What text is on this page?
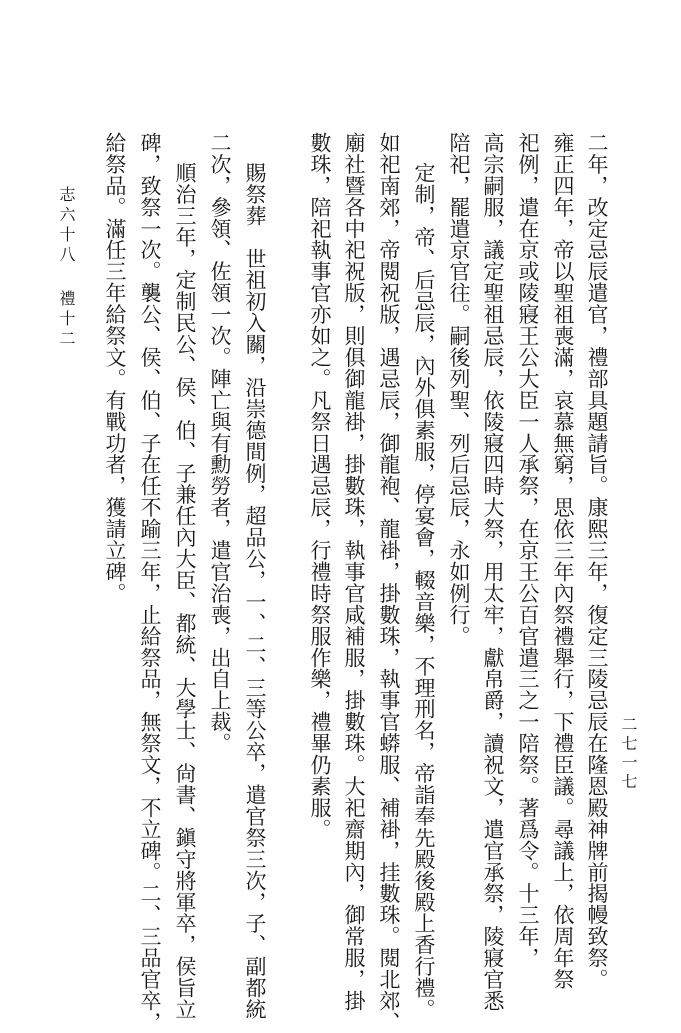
二年，改定忌辰遣官，禮部具題請旨。康熙三年，復定三陵忌辰在隆恩殿神牌前揭幔致祭。
雍正四年，帝以聖祖喪滿，哀慕無窮，思依三年內祭禮舉行，下禮臣議。尋議上，依周年祭
祀例，遣在京或陵寢王公大臣一人承祭，在京王公百官遣三之一陪祭。著爲令。十三年，
高宗嗣服，議定聖祖忌辰，依陵寢四時大祭，用太牢，獻帛爵，讀祝文，遣官承祭，陵寢官悉
陪祀，罷遣京官往。嗣後列聖、列后忌辰，永如例行。
定制，帝、后忌辰，內外俱素服，停宴會，輟音樂，不理刑名，帝詣奉先殿後殿上香行禮。
如祀南郊，帝閱祝版，遇忌辰，御龍袍、龍褂，掛數珠，執事官蟒服、補褂，挂數珠。閱北郊、
廟社暨各中祀祝版，則俱御龍褂，掛數珠，執事官咸補服，掛數珠。大祀齋期內，御常服，掛
數珠，陪祀執事官亦如之。凡祭日遇忌辰，行禮時祭服作樂，禮畢仍素服。
賜祭葬　世祖初入關，沿崇德間例，超品公，一、二、三等公卒，遣官祭三次，子、副都統
二次，參領、佐領一次。陣亡與有勳勞者，遣官治喪，出自上裁。
順治三年，定制民公、侯、伯、子兼任內大臣、都統、大學士、尙書、鎭守將軍卒，侯旨立
碑，致祭一次。襲公、侯、伯、子在任不踰三年，止給祭品，無祭文，不立碑。二、三品官卒，
給祭品。滿任三年給祭文。有戰功者，獲請立碑。
志六十八
禮十二
二七一七
